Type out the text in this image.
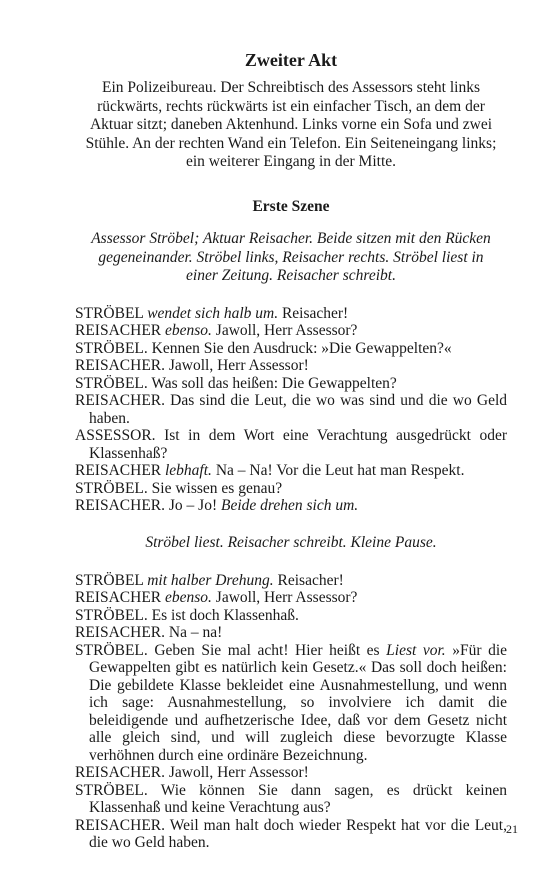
Zweiter Akt

Ein Polizeibureau. Der Schreibtisch des Assessors steht links rückwärts, rechts rückwärts ist ein einfacher Tisch, an dem der Aktuar sitzt; daneben Aktenhund. Links vorne ein Sofa und zwei Stühle. An der rechten Wand ein Telefon. Ein Seiteneingang links; ein weiterer Eingang in der Mitte.

Erste Szene

Assessor Ströbel; Aktuar Reisacher. Beide sitzen mit den Rücken gegeneinander. Ströbel links, Reisacher rechts. Ströbel liest in einer Zeitung. Reisacher schreibt.

STRÖBEL wendet sich halb um. Reisacher!
REISACHER ebenso. Jawoll, Herr Assessor?
STRÖBEL. Kennen Sie den Ausdruck: »Die Gewappelten?«
REISACHER. Jawoll, Herr Assessor!
STRÖBEL. Was soll das heißen: Die Gewappelten?
REISACHER. Das sind die Leut, die wo was sind und die wo Geld haben.
ASSESSOR. Ist in dem Wort eine Verachtung ausgedrückt oder Klassenhaß?
REISACHER lebhaft. Na – Na! Vor die Leut hat man Respekt.
STRÖBEL. Sie wissen es genau?
REISACHER. Jo – Jo! Beide drehen sich um.

Ströbel liest. Reisacher schreibt. Kleine Pause.

STRÖBEL mit halber Drehung. Reisacher!
REISACHER ebenso. Jawoll, Herr Assessor?
STRÖBEL. Es ist doch Klassenhaß.
REISACHER. Na – na!
STRÖBEL. Geben Sie mal acht! Hier heißt es Liest vor. »Für die Gewappelten gibt es natürlich kein Gesetz.« Das soll doch heißen: Die gebildete Klasse bekleidet eine Ausnahmestellung, und wenn ich sage: Ausnahmestellung, so involviere ich damit die beleidigende und aufhetzerische Idee, daß vor dem Gesetz nicht alle gleich sind, und will zugleich diese bevorzugte Klasse verhöhnen durch eine ordinäre Bezeichnung.
REISACHER. Jawoll, Herr Assessor!
STRÖBEL. Wie können Sie dann sagen, es drückt keinen Klassenhaß und keine Verachtung aus?
REISACHER. Weil man halt doch wieder Respekt hat vor die Leut, die wo Geld haben.
21
